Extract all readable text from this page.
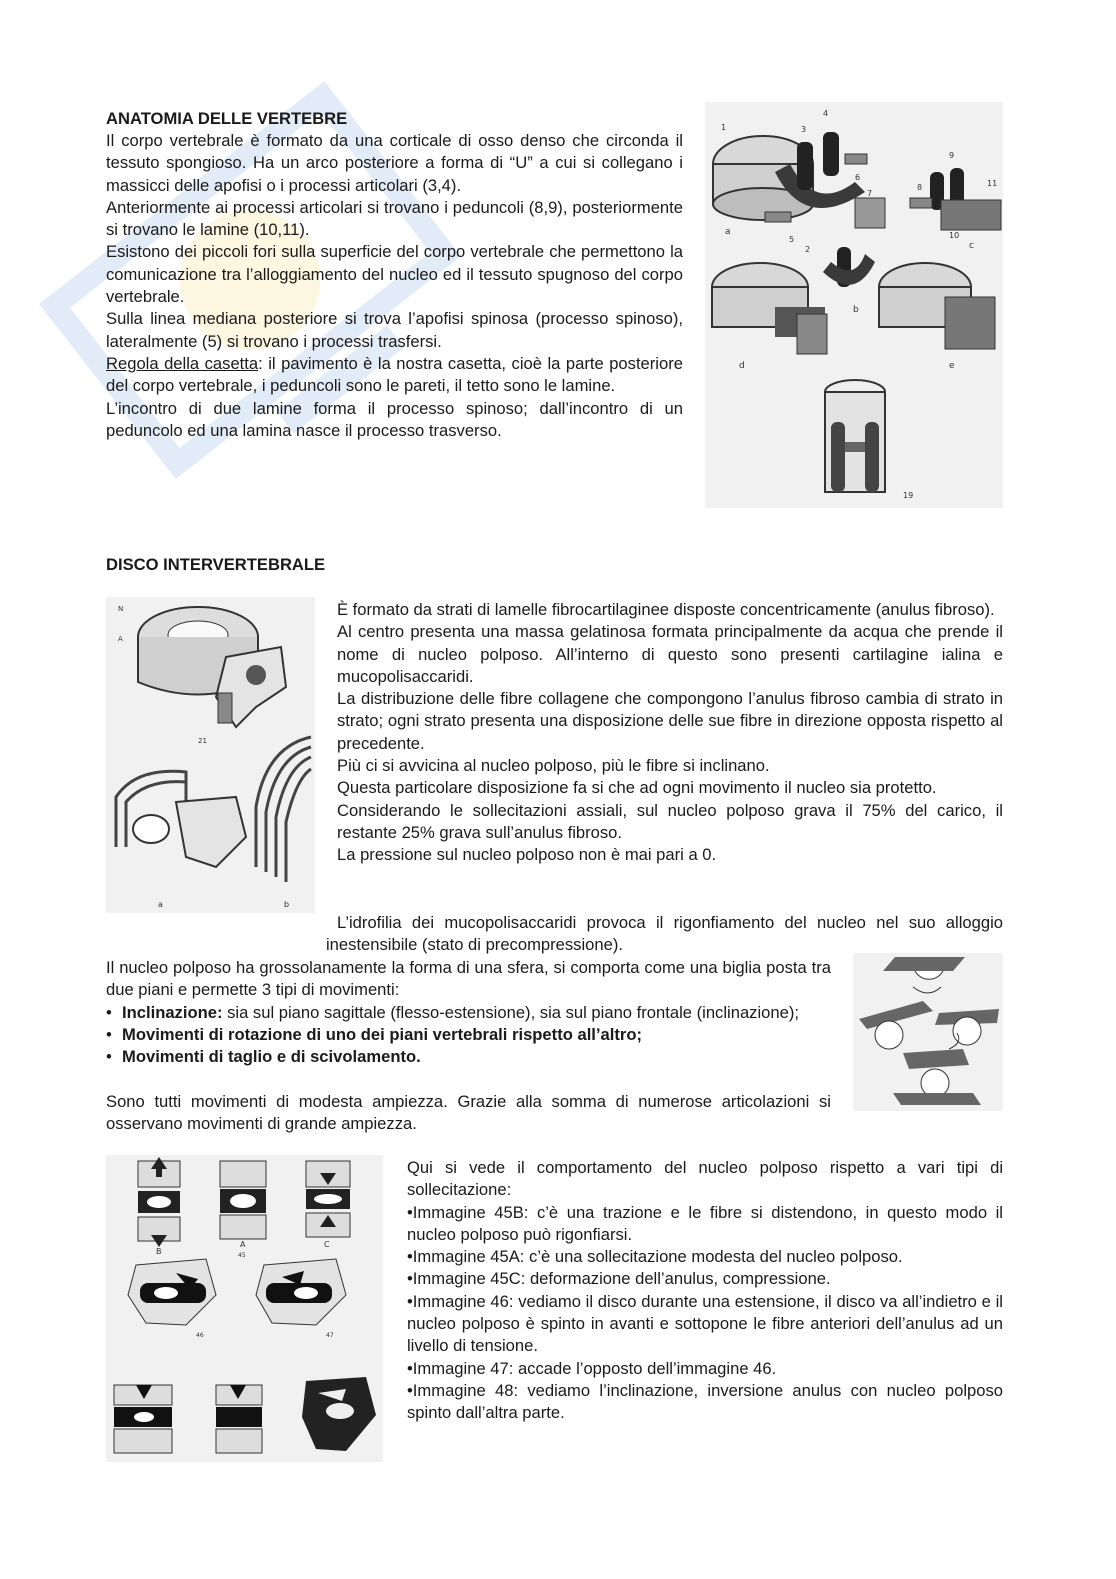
ANATOMIA DELLE VERTEBRE

Il corpo vertebrale è formato da una corticale di osso denso che circonda il tessuto spongioso. Ha un arco posteriore a forma di “U” a cui si collegano i massicci delle apofisi o i processi articolari (3,4).

Anteriormente ai processi articolari si trovano i peduncoli (8,9), posteriormente si trovano le lamine (10,11).

Esistono dei piccoli fori sulla superficie del corpo vertebrale che permettono la comunicazione tra l’alloggiamento del nucleo ed il tessuto spugnoso del corpo vertebrale.

Sulla linea mediana posteriore si trova l’apofisi spinosa (processo spinoso), lateralmente (5) si trovano i processi trasfersi.

Regola della casetta: il pavimento è la nostra casetta, cioè la parte posteriore del corpo vertebrale, i peduncoli sono le pareti, il tetto sono le lamine.

L’incontro di due lamine forma il processo spinoso; dall’incontro di un peduncolo ed una lamina nasce il processo trasverso.

1
2
3
4
5
6
7
8
9
10
11
a
b
c
d	e
19
DISCO INTERVERTEBRALE
N
A
21
a	b

È formato da strati di lamelle fibrocartilaginee disposte concentricamente (anulus fibroso).

Al centro presenta una massa gelatinosa formata principalmente da acqua che prende il nome di nucleo polposo. All’interno di questo sono presenti cartilagine ialina e mucopolisaccaridi.

La distribuzione delle fibre collagene che compongono l’anulus fibroso cambia di strato in strato; ogni strato presenta una disposizione delle sue fibre in direzione opposta rispetto al precedente.

Più ci si avvicina al nucleo polposo, più le fibre si inclinano.

Questa particolare disposizione fa si che ad ogni movimento il nucleo sia protetto.

Considerando le sollecitazioni assiali, sul nucleo polposo grava il 75% del carico, il restante 25% grava sull’anulus fibroso.

La pressione sul nucleo polposo non è mai pari a 0.

L’idrofilia dei mucopolisaccaridi provoca il rigonfiamento del nucleo nel suo alloggio inestensibile (stato di precompressione).

Il nucleo polposo ha grossolanamente la forma di una sfera, si comporta come una biglia posta tra due piani e permette 3 tipi di movimenti:

• Inclinazione: sia sul piano sagittale (flesso-estensione), sia sul piano frontale (inclinazione);
• Movimenti di rotazione di uno dei piani vertebrali rispetto all’altro;
• Movimenti di taglio e di scivolamento.

Sono tutti movimenti di modesta ampiezza. Grazie alla somma di numerose articolazioni si osservano movimenti di grande ampiezza.

B
A	C
45
46	47

Qui si vede il comportamento del nucleo polposo rispetto a vari tipi di sollecitazione:

•Immagine 45B: c’è una trazione e le fibre si distendono, in questo modo il nucleo polposo può rigonfiarsi.

•Immagine 45A: c’è una sollecitazione modesta del nucleo polposo.

•Immagine 45C: deformazione dell’anulus, compressione.

•Immagine 46: vediamo il disco durante una estensione, il disco va all’indietro e il nucleo polposo è spinto in avanti e sottopone le fibre anteriori dell’anulus ad un livello di tensione.

•Immagine 47: accade l’opposto dell’immagine 46.

•Immagine 48: vediamo l’inclinazione, inversione anulus con nucleo polposo spinto dall’altra parte.
